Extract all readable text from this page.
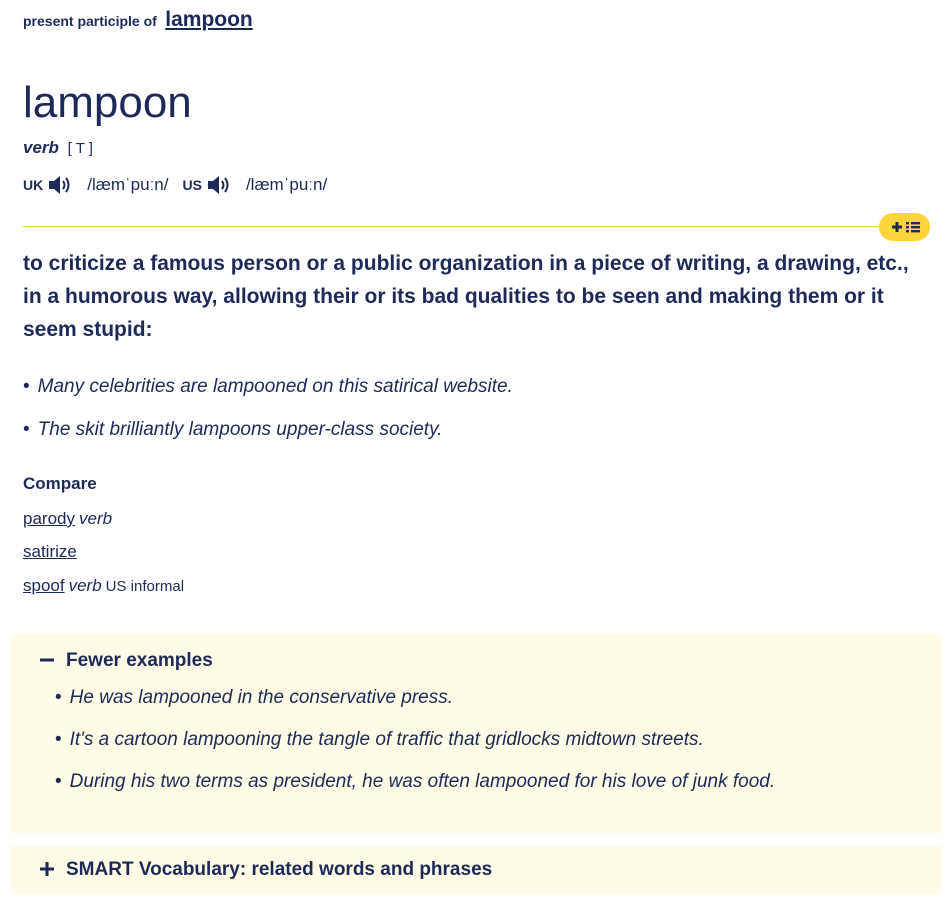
present participle of lampoon
lampoon
verb [ T ]
UK	/læmˈpuːn/ US	/læmˈpuːn/

to criticize a famous person or a public organization in a piece of writing, a drawing, etc., in a humorous way, allowing their or its bad qualities to be seen and making them or it seem stupid:

• Many celebrities are lampooned on this satirical website.
• The skit brilliantly lampoons upper-class society.
Compare
parody verb
satirize
spoof verb US informal
Fewer examples
• He was lampooned in the conservative press.
• It's a cartoon lampooning the tangle of traffic that gridlocks midtown streets.
• During his two terms as president, he was often lampooned for his love of junk food.
SMART Vocabulary: related words and phrases
